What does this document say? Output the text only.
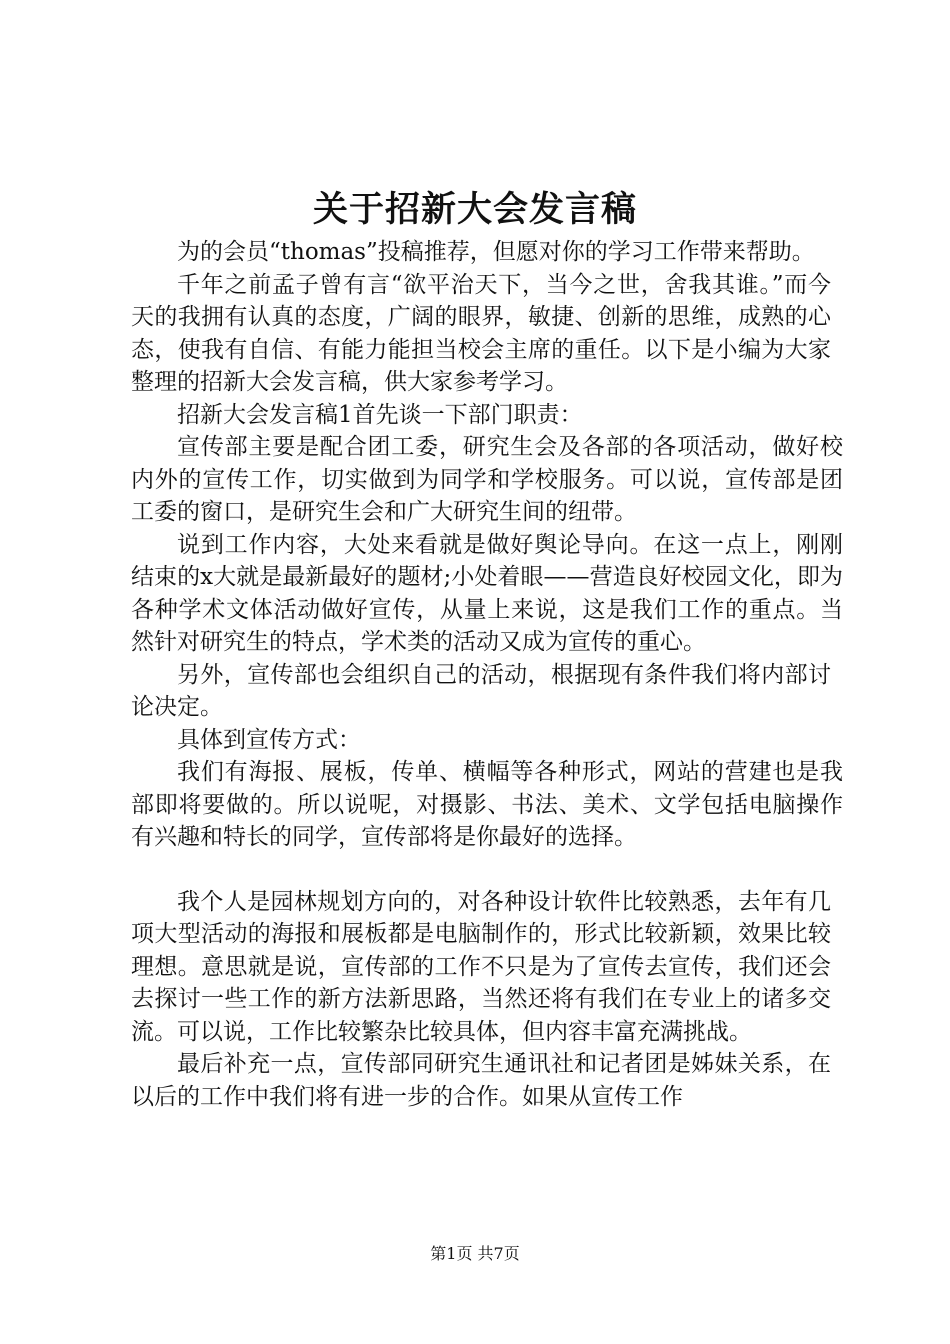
关于招新大会发言稿

为的会员“thomas”投稿推荐，但愿对你的学习工作带来帮助。

千年之前孟子曾有言“欲平治天下，当今之世，舍我其谁。”而今天的我拥有认真的态度，广阔的眼界，敏捷、创新的思维，成熟的心态，使我有自信、有能力能担当校会主席的重任。以下是小编为大家整理的招新大会发言稿，供大家参考学习。

招新大会发言稿1首先谈一下部门职责：

宣传部主要是配合团工委，研究生会及各部的各项活动，做好校内外的宣传工作，切实做到为同学和学校服务。可以说，宣传部是团工委的窗口，是研究生会和广大研究生间的纽带。

说到工作内容，大处来看就是做好舆论导向。在这一点上，刚刚结束的x大就是最新最好的题材;小处着眼——营造良好校园文化，即为各种学术文体活动做好宣传，从量上来说，这是我们工作的重点。当然针对研究生的特点，学术类的活动又成为宣传的重心。

另外，宣传部也会组织自己的活动，根据现有条件我们将内部讨论决定。

具体到宣传方式：

我们有海报、展板，传单、横幅等各种形式，网站的营建也是我部即将要做的。所以说呢，对摄影、书法、美术、文学包括电脑操作有兴趣和特长的同学，宣传部将是你最好的选择。

我个人是园林规划方向的，对各种设计软件比较熟悉，去年有几项大型活动的海报和展板都是电脑制作的，形式比较新颖，效果比较理想。意思就是说，宣传部的工作不只是为了宣传去宣传，我们还会去探讨一些工作的新方法新思路，当然还将有我们在专业上的诸多交流。可以说，工作比较繁杂比较具体，但内容丰富充满挑战。

最后补充一点，宣传部同研究生通讯社和记者团是姊妹关系，在以后的工作中我们将有进一步的合作。如果从宣传工作

第1页 共7页
